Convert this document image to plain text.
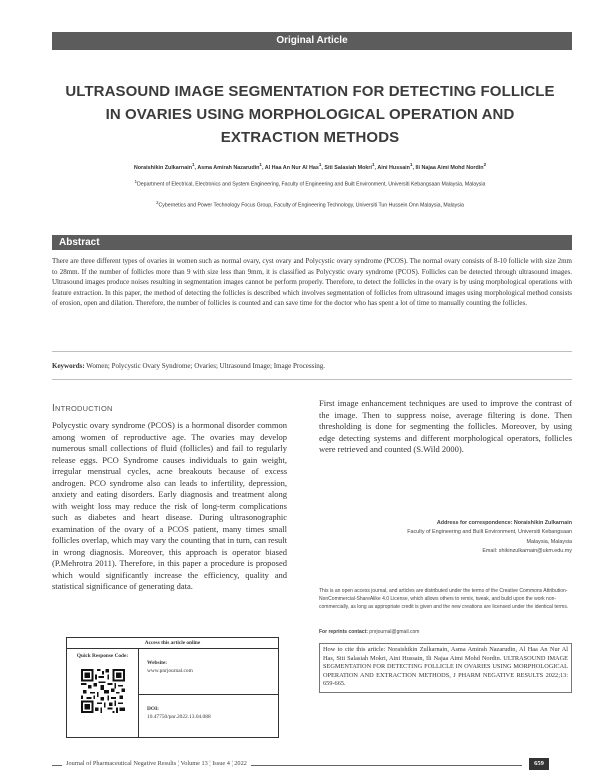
Original Article
ULTRASOUND IMAGE SEGMENTATION FOR DETECTING FOLLICLE IN OVARIES USING MORPHOLOGICAL OPERATION AND EXTRACTION METHODS
Noraishikin Zulkarnain$^1$, Asma Amirah Nazarudin$^1$, Al Haa An Nur Al Has$^1$, Siti Salasiah Mokri$^1$, Aini Hussain$^1$, Ili Najaa Aimi Mohd Nordin$^2$
$^1$Department of Electrical, Electronics and System Engineering, Faculty of Engineering and Built Environment, Universiti Kebangsaan Malaysia, Malaysia
$^2$Cybernetics and Power Technology Focus Group, Faculty of Engineering Technology, Universiti Tun Hussein Onn Malaysia, Malaysia
Abstract
There are three different types of ovaries in women such as normal ovary, cyst ovary and Polycystic ovary syndrome (PCOS). The normal ovary consists of 8-10 follicle with size 2mm to 28mm. If the number of follicles more than 9 with size less than 9mm, it is classified as Polycystic ovary syndrome (PCOS). Follicles can be detected through ultrasound images. Ultrasound images produce noises resulting in segmentation images cannot be perform properly. Therefore, to detect the follicles in the ovary is by using morphological operations with feature extraction. In this paper, the method of detecting the follicles is described which involves segmentation of follicles from ultrasound images using morphological method consists of erosion, open and dilation. Therefore, the number of follicles is counted and can save time for the doctor who has spent a lot of time to manually counting the follicles.
Keywords: Women; Polycystic Ovary Syndrome; Ovaries; Ultrasound Image; Image Processing.
INTRODUCTION
Polycystic ovary syndrome (PCOS) is a hormonal disorder common among women of reproductive age. The ovaries may develop numerous small collections of fluid (follicles) and fail to regularly release eggs. PCO Syndrome causes individuals to gain weight, irregular menstrual cycles, acne breakouts because of excess androgen. PCO syndrome also can leads to infertility, depression, anxiety and eating disorders. Early diagnosis and treatment along with weight loss may reduce the risk of long-term complications such as diabetes and heart disease. During ultrasonographic examination of the ovary of a PCOS patient, many times small follicles overlap, which may vary the counting that in turn, can result in wrong diagnosis. Moreover, this approach is operator biased (P.Mehrotra 2011). Therefore, in this paper a procedure is proposed which would significantly increase the efficiency, quality and statistical significance of generating data.
First image enhancement techniques are used to improve the contrast of the image. Then to suppress noise, average filtering is done. Then thresholding is done for segmenting the follicles. Moreover, by using edge detecting systems and different morphological operators, follicles were retrieved and counted (S.Wild 2000).
Address for correspondence: Noraishikin Zulkarnain
Faculty of Engineering and Built Environment, Universiti Kebangsaan
Malaysia, Malaysia
Email: shikinzulkarnain@ukm.edu.my
This is an open access journal, and articles are distributed under the terms of the Creative Commons Attribution-NonCommercial-ShareAlike 4.0 License, which allows others to remix, tweak, and build upon the work non-commercially, as long as appropriate credit is given and the new creations are licensed under the identical terms.
For reprints contact: pnrjournal@gmail.com
How to cite this article: Noraishikin Zulkarnain, Asma Amirah Nazarudin, Al Haa An Nur Al Has, Siti Salasiah Mokri, Aini Hussain, Ili Najaa Aimi Mohd Nordin. ULTRASOUND IMAGE SEGMENTATION FOR DETECTING FOLLICLE IN OVARIES USING MORPHOLOGICAL OPERATION AND EXTRACTION METHODS, J PHARM NEGATIVE RESULTS 2022;13: 659-665.
Access this article online
Quick Response Code:
Website:
www.pnrjournal.com
DOI:
10.47750/pnr.2022.13.04.088
Journal of Pharmaceutical Negative Results ¦ Volume 13 ¦ Issue 4 ¦ 2022	659
